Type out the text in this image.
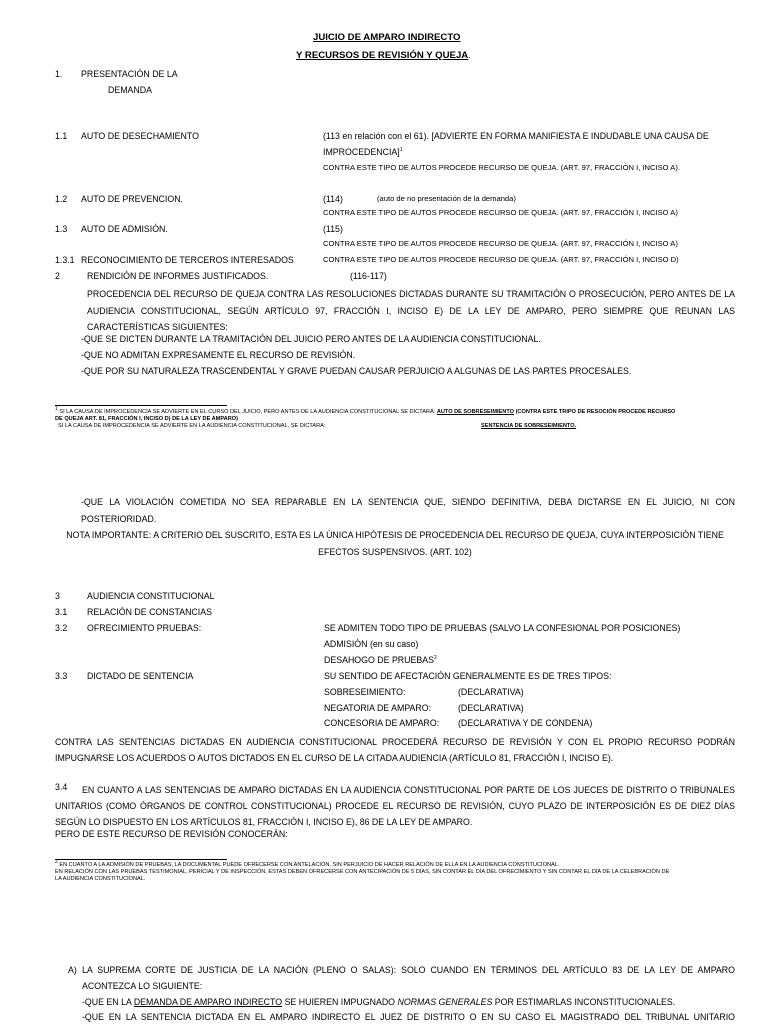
JUICIO DE AMPARO INDIRECTO
Y RECURSOS DE REVISIÓN Y QUEJA.
1. PRESENTACIÓN DE LA
DEMANDA
1.1 AUTO DE DESECHAMIENTO	(113 en relación con el 61). [ADVIERTE EN FORMA MANIFIESTA E INDUDABLE UNA CAUSA DE
IMPROCEDENCIA]$^1$
CONTRA ESTE TIPO DE AUTOS PROCEDE RECURSO DE QUEJA. (ART. 97, FRACCIÓN I, INCISO A).
1.2 AUTO DE PREVENCION.	(114)	(auto de no presentación de la demanda)
CONTRA ESTE TIPO DE AUTOS PROCEDE RECURSO DE QUEJA. (ART. 97, FRACCIÓN I, INCISO A)
1.3 AUTO DE ADMISIÓN.	(115)
CONTRA ESTE TIPO DE AUTOS PROCEDE RECURSO DE QUEJA. (ART. 97, FRACCIÓN I, INCISO A)
1.3.1 RECONOCIMIENTO DE TERCEROS INTERESADOS	CONTRA ESTE TIPO DE AUTOS PROCEDE RECURSO DE QUEJA. (ART. 97, FRACCIÓN I, INCISO D)
2	RENDICIÓN DE INFORMES JUSTIFICADOS.	(116-117)
PROCEDENCIA DEL RECURSO DE QUEJA CONTRA LAS RESOLUCIONES DICTADAS DURANTE SU TRAMITACIÓN O PROSECUCIÓN, PERO ANTES DE LA AUDIENCIA CONSTITUCIONAL, SEGÚN ARTÍCULO 97, FRACCIÓN I, INCISO E) DE LA LEY DE AMPARO, PERO SIEMPRE QUE REUNAN LAS CARACTERÍSTICAS SIGUIENTES:
-QUE SE DICTEN DURANTE LA TRAMITACIÓN DEL JUICIO PERO ANTES DE LA AUDIENCIA CONSTITUCIONAL.
-QUE NO ADMITAN EXPRESAMENTE EL RECURSO DE REVISIÓN.
-QUE POR SU NATURALEZA TRASCENDENTAL Y GRAVE PUEDAN CAUSAR PERJUICIO A ALGUNAS DE LAS PARTES PROCESALES.
$^1$ SI LA CAUSA DE IMPROCEDENCIA SE ADVIERTE EN EL CURSO DEL JUICIO, PERO ANTES DE LA AUDIENCIA CONSTITUCIONAL SE DICTARÁ: AUTO DE SOBRESEIMIENTO (CONTRA ESTE TRIPO DE RESOCIÓN PROCEDE RECURSO
DE QUEJA ART. 81, FRACCIÓN I, INCISO D) DE LA LEY DE AMPARO)
SI LA CAUSA DE IMPROCEDENCIA SE ADVIERTE EN LA AUDIENCIA CONSTITUCIONAL, SE DICTARA:	SENTENCIA DE SOBRESEIMIENTO.
-QUE LA VIOLACIÓN COMETIDA NO SEA REPARABLE EN LA SENTENCIA QUE, SIENDO DEFINITIVA, DEBA DICTARSE EN EL JUICIO, NI CON POSTERIORIDAD.
NOTA IMPORTANTE: A CRITERIO DEL SUSCRITO, ESTA ES LA ÚNICA HIPÓTESIS DE PROCEDENCIA DEL RECURSO DE QUEJA, CUYA INTERPOSICIÓN TIENE EFECTOS SUSPENSIVOS. (ART. 102)
3	AUDIENCIA CONSTITUCIONAL
3.1 RELACIÓN DE CONSTANCIAS
3.2 OFRECIMIENTO PRUEBAS:	SE ADMITEN TODO TIPO DE PRUEBAS (SALVO LA CONFESIONAL POR POSICIONES)
ADMISIÓN (en su caso)
DESAHOGO DE PRUEBAS$^2$
3.3 DICTADO DE SENTENCIA	SU SENTIDO DE AFECTACIÓN GENERALMENTE ES DE TRES TIPOS:
SOBRESEIMIENTO:	(DECLARATIVA)
NEGATORIA DE AMPARO:	(DECLARATIVA)
CONCESORIA DE AMPARO: (DECLARATIVA Y DE CONDENA)
CONTRA LAS SENTENCIAS DICTADAS EN AUDIENCIA CONSTITUCIONAL PROCEDERÁ RECURSO DE REVISIÓN Y CON EL PROPIO RECURSO PODRÁN IMPUGNARSE LOS ACUERDOS O AUTOS DICTADOS EN EL CURSO DE LA CITADA AUDIENCIA (ARTÍCULO 81, FRACCIÓN I, INCISO E).
3.4	EN CUANTO A LAS SENTENCIAS DE AMPARO DICTADAS EN LA AUDIENCIA CONSTITUCIONAL POR PARTE DE LOS JUECES DE DISTRITO O TRIBUNALES UNITARIOS (COMO ÓRGANOS DE CONTROL CONSTITUCIONAL) PROCEDE EL RECURSO DE REVISIÓN, CUYO PLAZO DE INTERPOSICIÓN ES DE DIEZ DÍAS SEGÚN LO DISPUESTO EN LOS ARTÍCULOS 81, FRACCIÓN I, INCISO E), 86 DE LA LEY DE AMPARO.
PERO DE ESTE RECURSO DE REVISIÓN CONOCERÁN:
$^2$ EN CUANTO A LA ADMISIÓN DE PRUEBAS, LA DOCUMENTAL PUEDE OFRECERSE CON ANTELACIÓN, SIN PERJUICIO DE HACER RELACIÓN DE ELLA EN LA AUDIENCIA CONSTITUCIONAL.
EN RELACIÓN CON LAS PRUEBAS TESTIMONIAL, PERICIAL Y DE INSPECCIÓN, ESTAS DEBEN OFRECERSE CON ANTECIPACIÓN DE 5 DÍAS, SIN CONTAR EL DÍA DEL OFRECIMIENTO Y SIN CONTAR EL DÍA DE LA CELEBRACIÓN DE
LA AUDIENCIA CONSTITUCIONAL.
A) LA SUPREMA CORTE DE JUSTICIA DE LA NACIÓN (PLENO O SALAS): SOLO CUANDO EN TÉRMINOS DEL ARTÍCULO 83 DE LA LEY DE AMPARO
ACONTEZCA LO SIGUIENTE:
-QUE EN LA DEMANDA DE AMPARO INDIRECTO SE HUIEREN IMPUGNADO NORMAS GENERALES POR ESTIMARLAS INCONSTITUCIONALES.
-QUE EN LA SENTENCIA DICTADA EN EL AMPARO INDIRECTO EL JUEZ DE DISTRITO O EN SU CASO EL MAGISTRADO DEL TRIBUNAL UNITARIO
